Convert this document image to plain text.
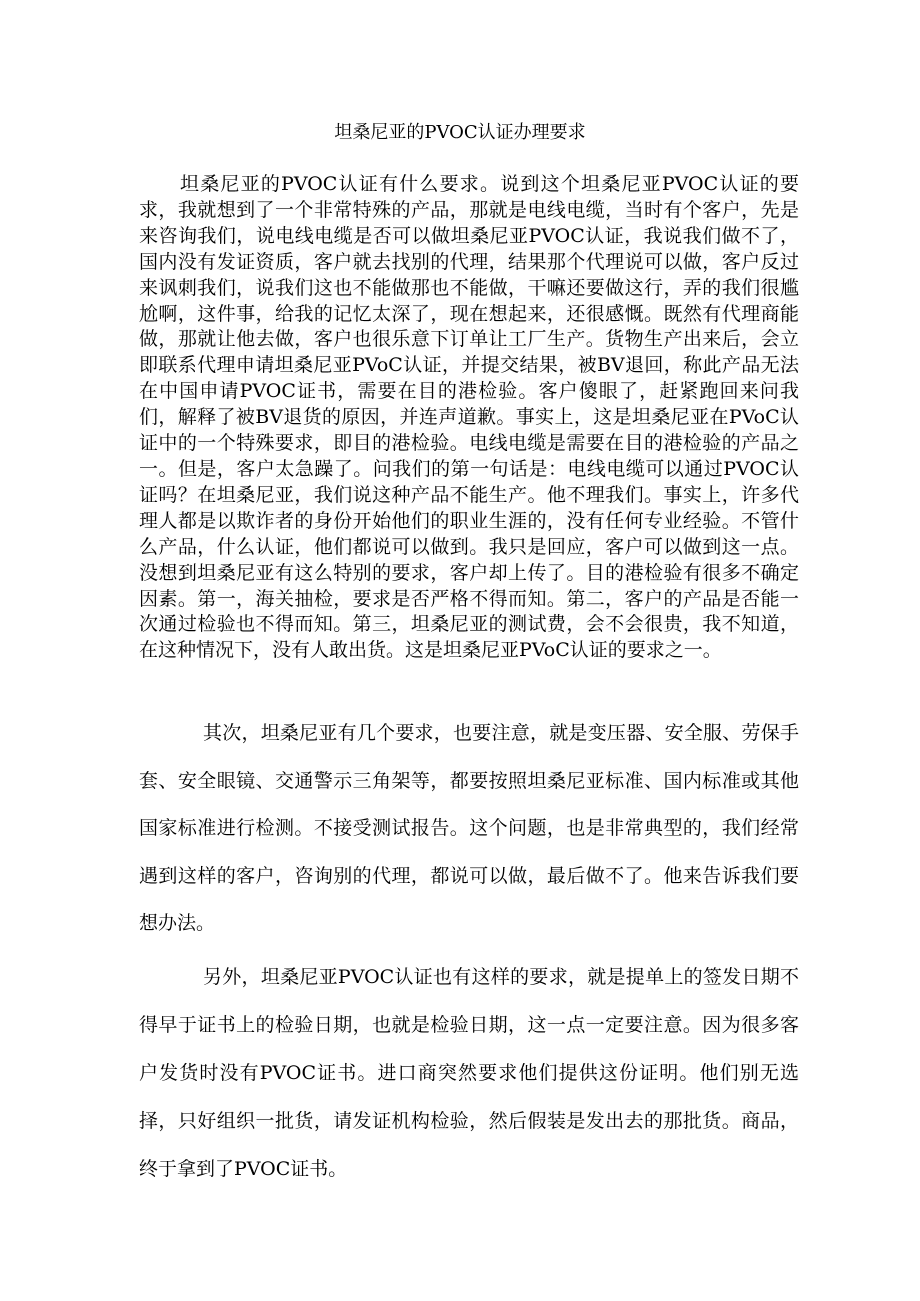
坦桑尼亚的PVOC认证办理要求

坦桑尼亚的PVOC认证有什么要求。说到这个坦桑尼亚PVOC认证的要求，我就想到了一个非常特殊的产品，那就是电线电缆，当时有个客户，先是来咨询我们，说电线电缆是否可以做坦桑尼亚PVOC认证，我说我们做不了，国内没有发证资质，客户就去找别的代理，结果那个代理说可以做，客户反过来讽刺我们，说我们这也不能做那也不能做，干嘛还要做这行，弄的我们很尴尬啊，这件事，给我的记忆太深了，现在想起来，还很感慨。既然有代理商能做，那就让他去做，客户也很乐意下订单让工厂生产。货物生产出来后，会立即联系代理申请坦桑尼亚PVoC认证，并提交结果，被BV退回，称此产品无法在中国申请PVOC证书，需要在目的港检验。客户傻眼了，赶紧跑回来问我们，解释了被BV退货的原因，并连声道歉。事实上，这是坦桑尼亚在PVoC认证中的一个特殊要求，即目的港检验。电线电缆是需要在目的港检验的产品之一。但是，客户太急躁了。问我们的第一句话是：电线电缆可以通过PVOC认证吗？在坦桑尼亚，我们说这种产品不能生产。他不理我们。事实上，许多代理人都是以欺诈者的身份开始他们的职业生涯的，没有任何专业经验。不管什么产品，什么认证，他们都说可以做到。我只是回应，客户可以做到这一点。没想到坦桑尼亚有这么特别的要求，客户却上传了。目的港检验有很多不确定因素。第一，海关抽检，要求是否严格不得而知。第二，客户的产品是否能一次通过检验也不得而知。第三，坦桑尼亚的测试费，会不会很贵，我不知道，在这种情况下，没有人敢出货。这是坦桑尼亚PVoC认证的要求之一。

其次，坦桑尼亚有几个要求，也要注意，就是变压器、安全服、劳保手套、安全眼镜、交通警示三角架等，都要按照坦桑尼亚标准、国内标准或其他国家标准进行检测。不接受测试报告。这个问题，也是非常典型的，我们经常遇到这样的客户，咨询别的代理，都说可以做，最后做不了。他来告诉我们要想办法。

另外，坦桑尼亚PVOC认证也有这样的要求，就是提单上的签发日期不得早于证书上的检验日期，也就是检验日期，这一点一定要注意。因为很多客户发货时没有PVOC证书。进口商突然要求他们提供这份证明。他们别无选择，只好组织一批货，请发证机构检验，然后假装是发出去的那批货。商品，终于拿到了PVOC证书。
